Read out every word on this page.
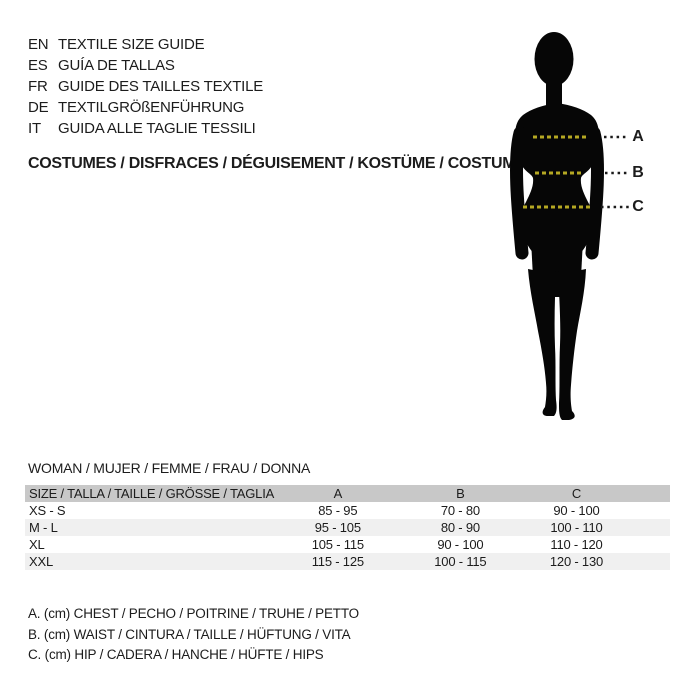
EN TEXTILE SIZE GUIDE
ES GUÍA DE TALLAS
FR GUIDE DES TAILLES TEXTILE
DE TEXTILGRÖßENFÜHRUNG
IT	GUIDA ALLE TAGLIE TESSILI
COSTUMES / DISFRACES / DÉGUISEMENT / KOSTÜME / COSTUMI
A
B
C
WOMAN / MUJER / FEMME / FRAU / DONNA
SIZE / TALLA / TAILLE / GRÖSSE / TAGLIA	A	B	C	
XS - S	85 - 95	70 - 80	90 - 100	
M - L	95 - 105	80 - 90	100 - 110	
XL	105 - 115	90 - 100	110 - 120	
XXL	115 - 125	100 - 115	120 - 130	
A. (cm) CHEST / PECHO / POITRINE / TRUHE / PETTO
B. (cm) WAIST / CINTURA / TAILLE / HÜFTUNG / VITA
C. (cm) HIP / CADERA / HANCHE / HÜFTE / HIPS
